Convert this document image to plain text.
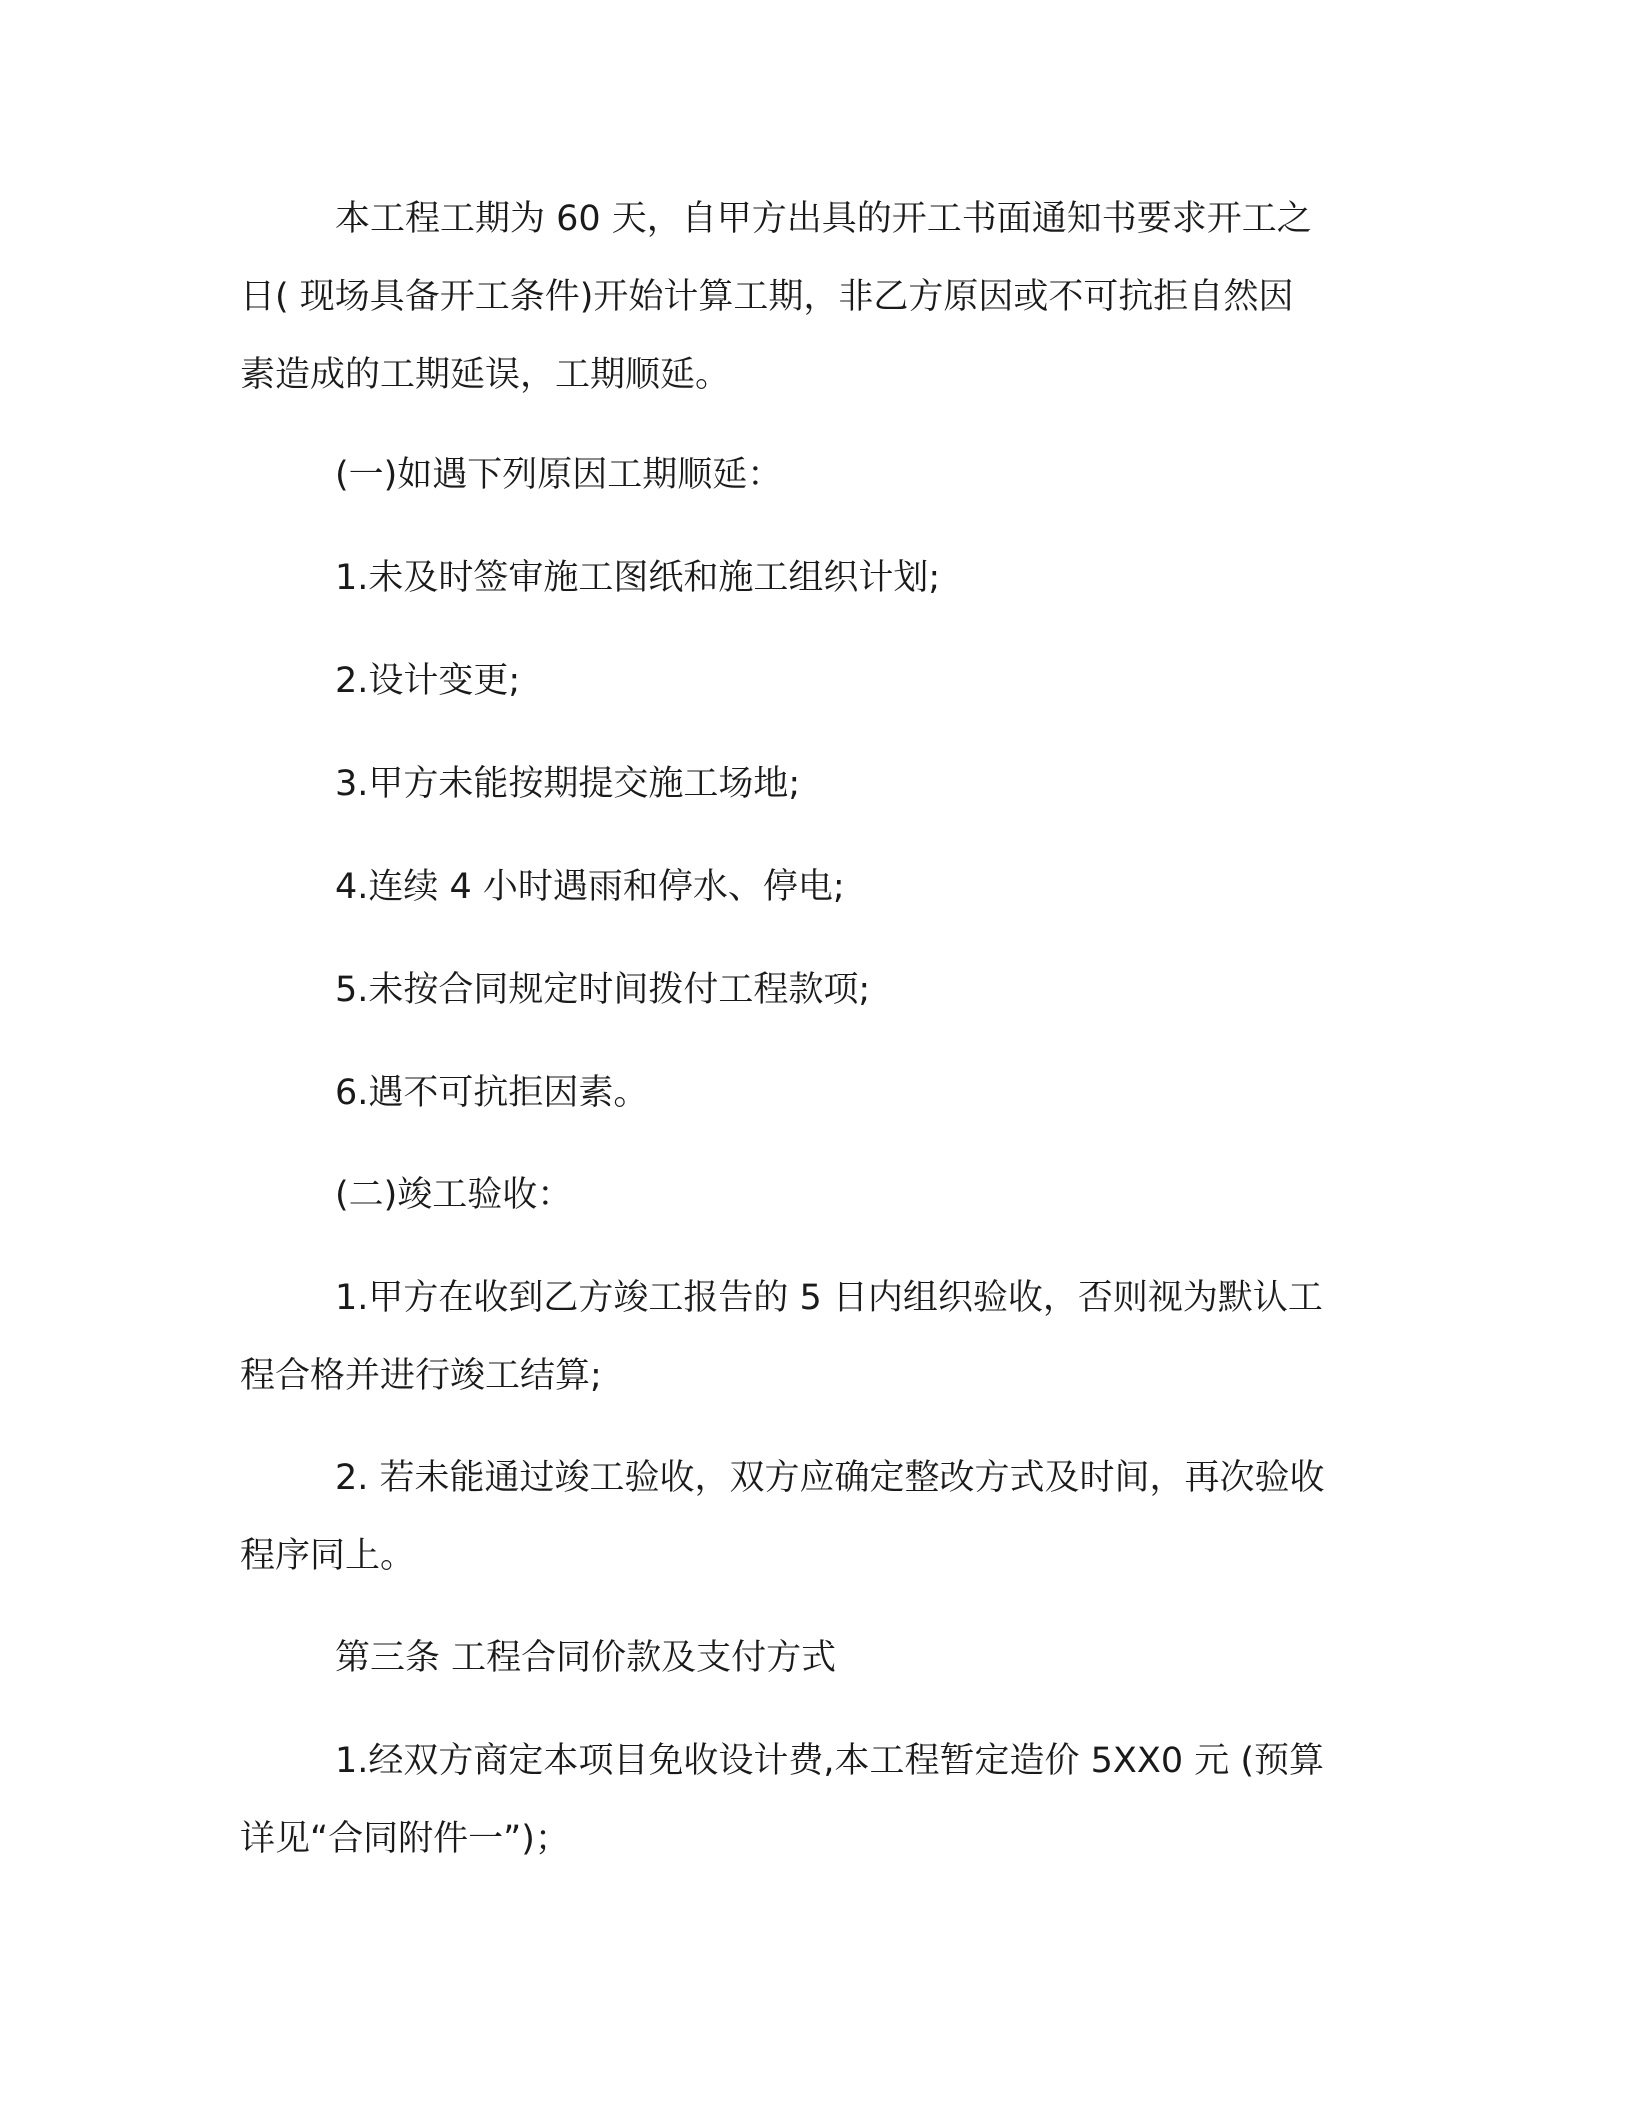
本工程工期为 60 天，自甲方出具的开工书面通知书要求开工之
日( 现场具备开工条件)开始计算工期，非乙方原因或不可抗拒自然因
素造成的工期延误，工期顺延。
(一)如遇下列原因工期顺延：
1.未及时签审施工图纸和施工组织计划;
2.设计变更;
3.甲方未能按期提交施工场地;
4.连续 4 小时遇雨和停水、停电;
5.未按合同规定时间拨付工程款项;
6.遇不可抗拒因素。
(二)竣工验收：
1.甲方在收到乙方竣工报告的 5 日内组织验收，否则视为默认工
程合格并进行竣工结算;
2. 若未能通过竣工验收，双方应确定整改方式及时间，再次验收
程序同上。
第三条 工程合同价款及支付方式
1.经双方商定本项目免收设计费,本工程暂定造价 5XX0 元 (预算
详见“合同附件一”)；
